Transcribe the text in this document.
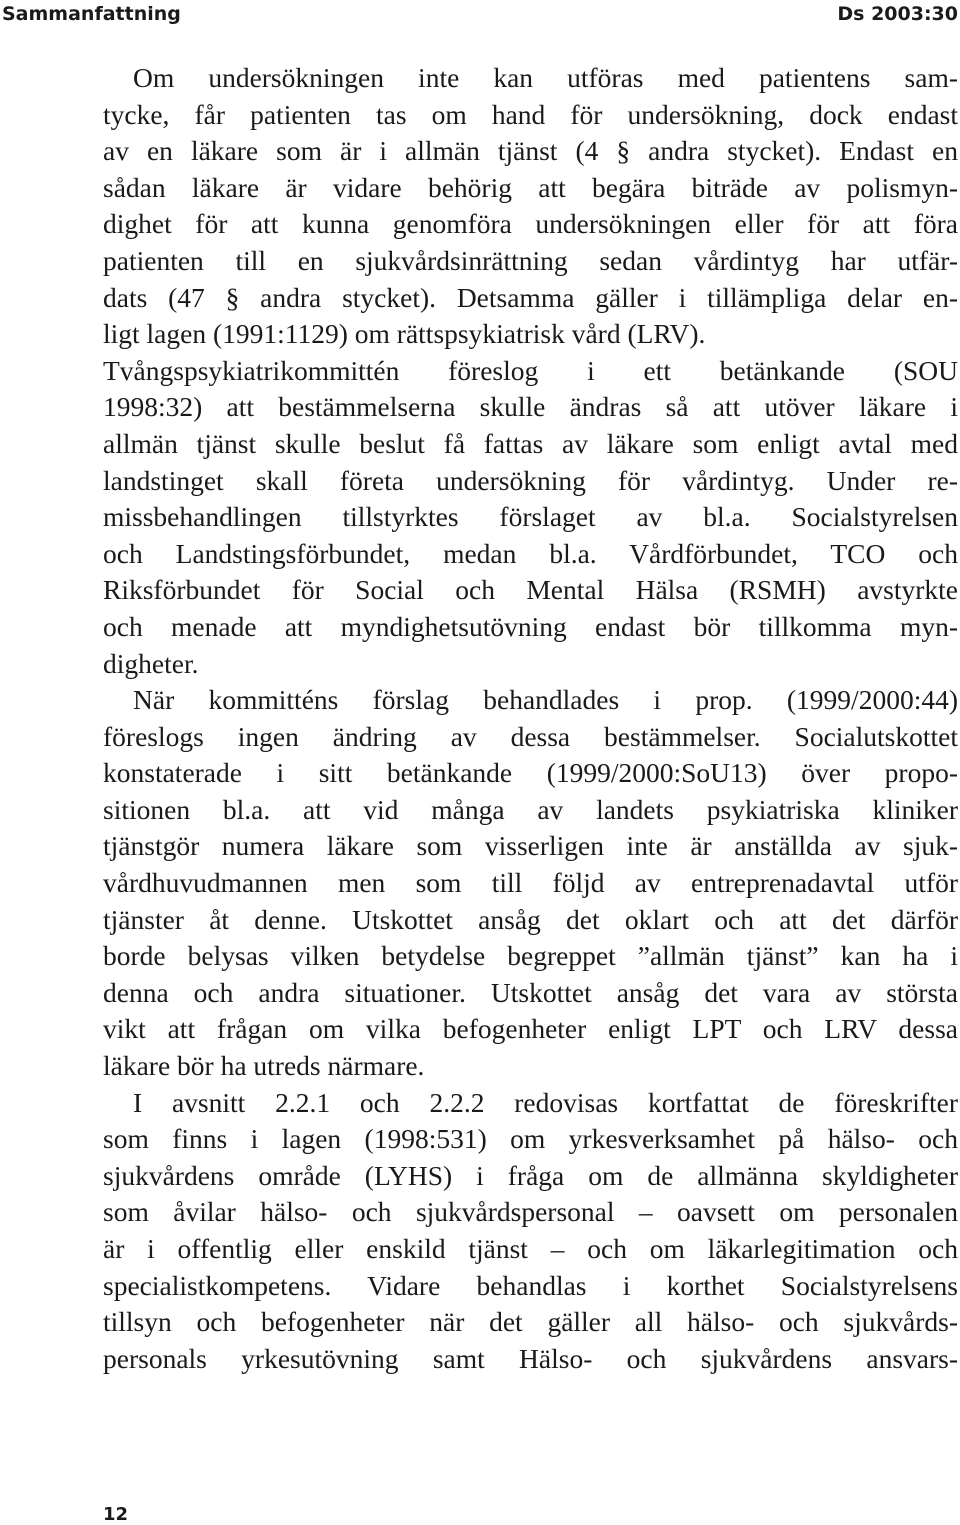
Sammanfattning	Ds 2003:30
Om undersökningen inte kan utföras med patientens sam-
tycke, får patienten tas om hand för undersökning, dock endast
av en läkare som är i allmän tjänst (4 § andra stycket). Endast en
sådan läkare är vidare behörig att begära biträde av polismyn-
dighet för att kunna genomföra undersökningen eller för att föra
patienten till en sjukvårdsinrättning sedan vårdintyg har utfär-
dats (47 § andra stycket). Detsamma gäller i tillämpliga delar en-
ligt lagen (1991:1129) om rättspsykiatrisk vård (LRV).
Tvångspsykiatrikommittén föreslog i ett betänkande (SOU
1998:32) att bestämmelserna skulle ändras så att utöver läkare i
allmän tjänst skulle beslut få fattas av läkare som enligt avtal med
landstinget skall företa undersökning för vårdintyg. Under re-
missbehandlingen tillstyrktes förslaget av bl.a. Socialstyrelsen
och Landstingsförbundet, medan bl.a. Vårdförbundet, TCO och
Riksförbundet för Social och Mental Hälsa (RSMH) avstyrkte
och menade att myndighetsutövning endast bör tillkomma myn-
digheter.
När kommitténs förslag behandlades i prop. (1999/2000:44)
föreslogs ingen ändring av dessa bestämmelser. Socialutskottet
konstaterade i sitt betänkande (1999/2000:SoU13) över propo-
sitionen bl.a. att vid många av landets psykiatriska kliniker
tjänstgör numera läkare som visserligen inte är anställda av sjuk-
vårdhuvudmannen men som till följd av entreprenadavtal utför
tjänster åt denne. Utskottet ansåg det oklart och att det därför
borde belysas vilken betydelse begreppet ”allmän tjänst” kan ha i
denna och andra situationer. Utskottet ansåg det vara av största
vikt att frågan om vilka befogenheter enligt LPT och LRV dessa
läkare bör ha utreds närmare.
I avsnitt 2.2.1 och 2.2.2 redovisas kortfattat de föreskrifter
som finns i lagen (1998:531) om yrkesverksamhet på hälso- och
sjukvårdens område (LYHS) i fråga om de allmänna skyldigheter
som åvilar hälso- och sjukvårdspersonal – oavsett om personalen
är i offentlig eller enskild tjänst – och om läkarlegitimation och
specialistkompetens. Vidare behandlas i korthet Socialstyrelsens
tillsyn och befogenheter när det gäller all hälso- och sjukvårds-
personals yrkesutövning samt Hälso- och sjukvårdens ansvars-
12
